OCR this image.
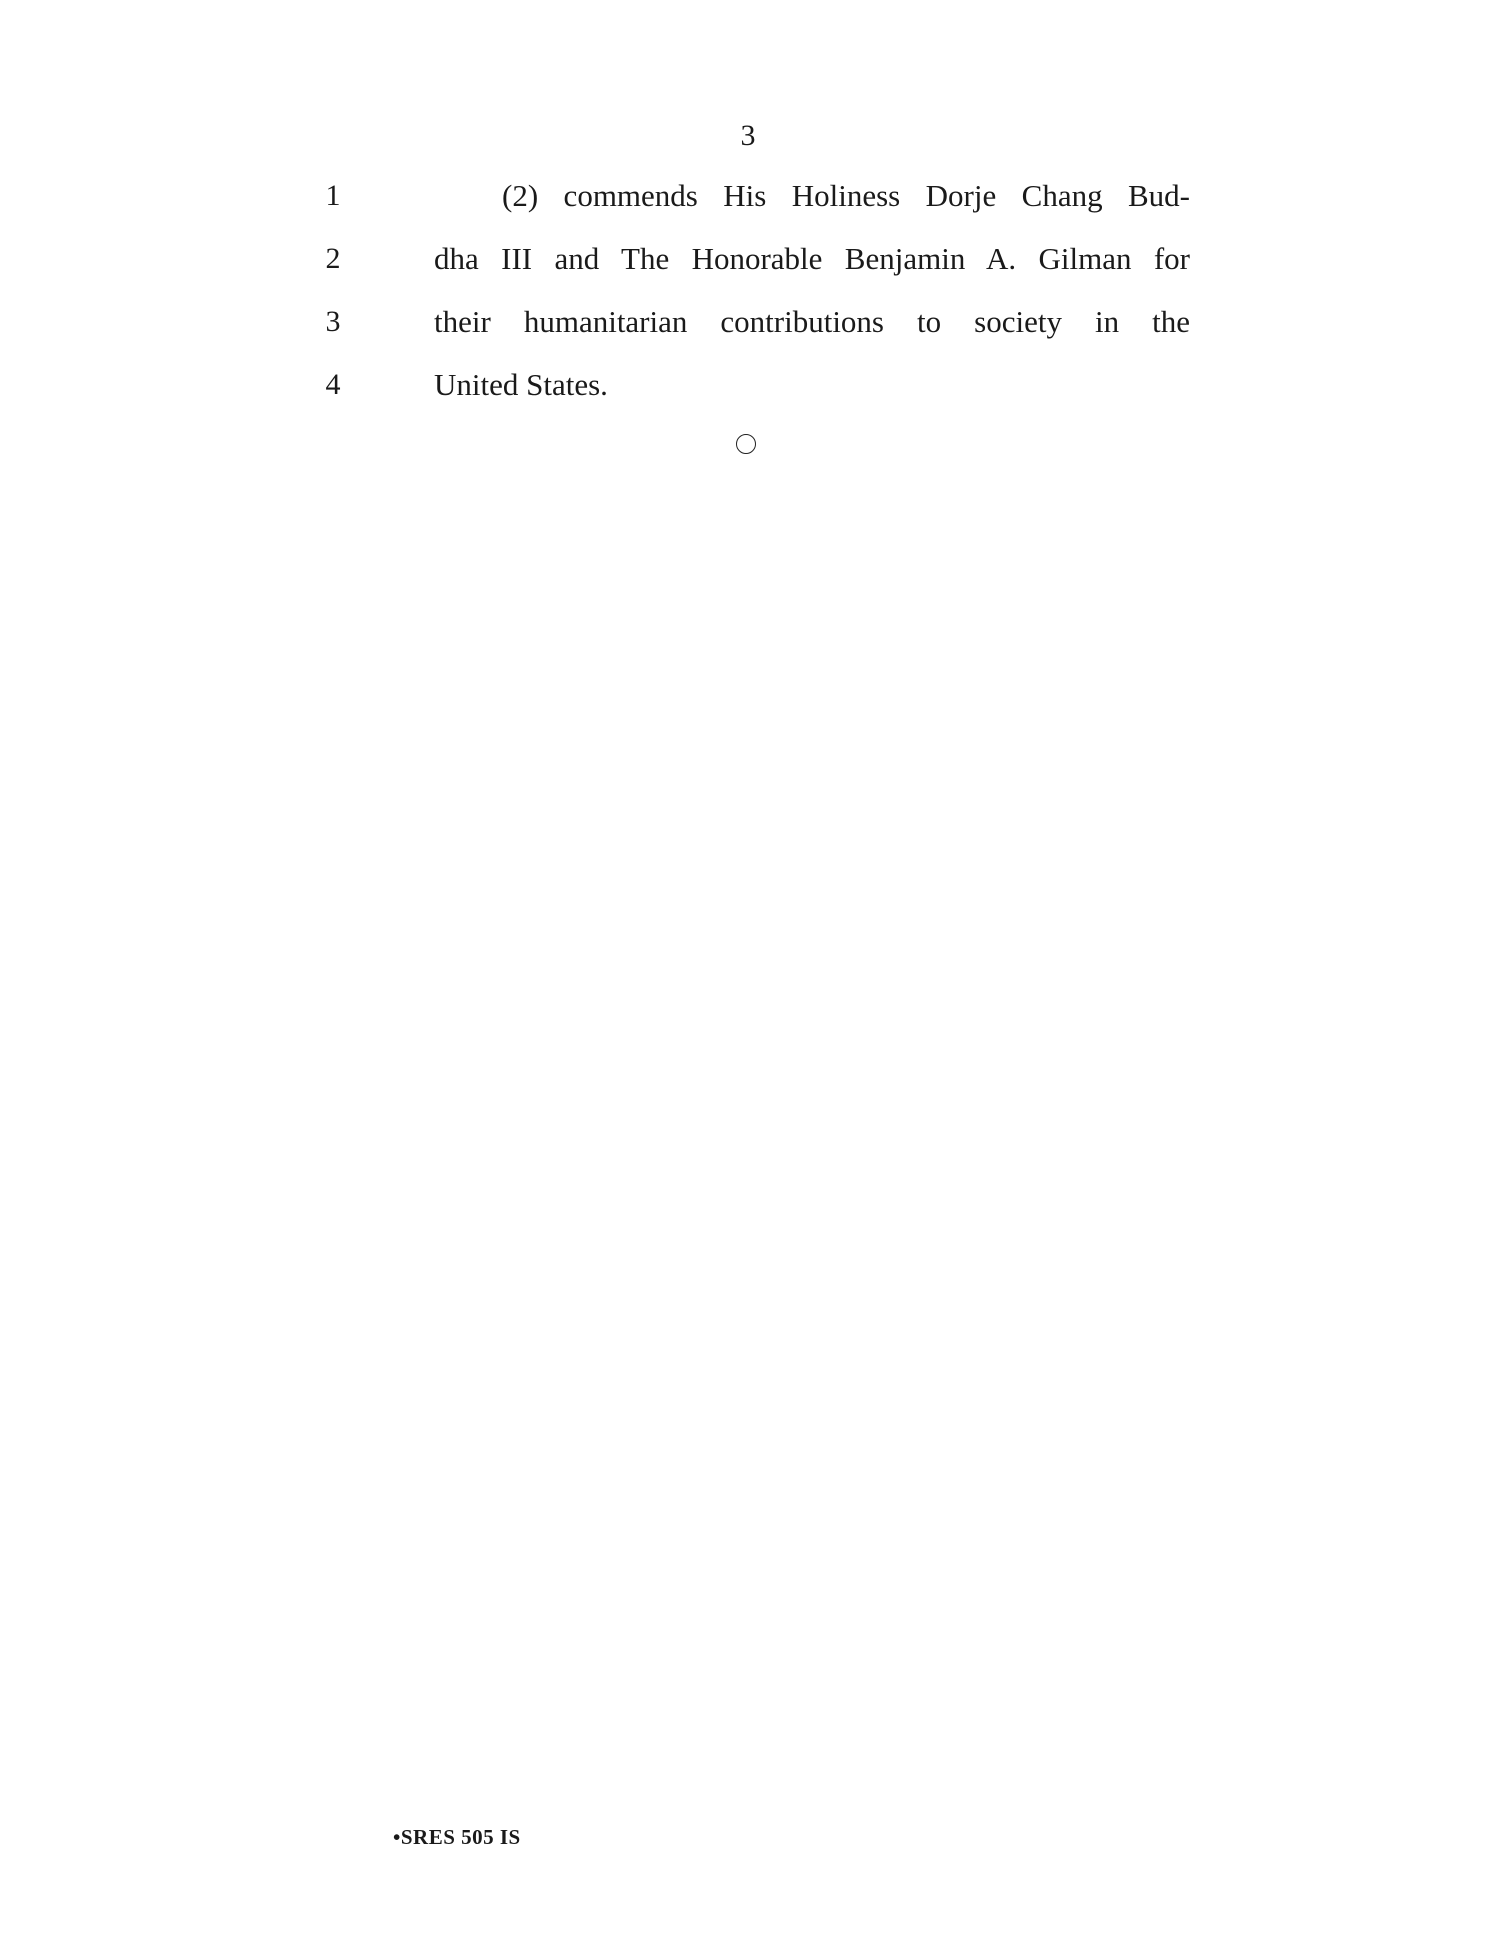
3
1	(2) commends His Holiness Dorje Chang Bud-
2	dha III and The Honorable Benjamin A. Gilman for
3	their humanitarian contributions to society in the
4	United States.
•SRES 505 IS
